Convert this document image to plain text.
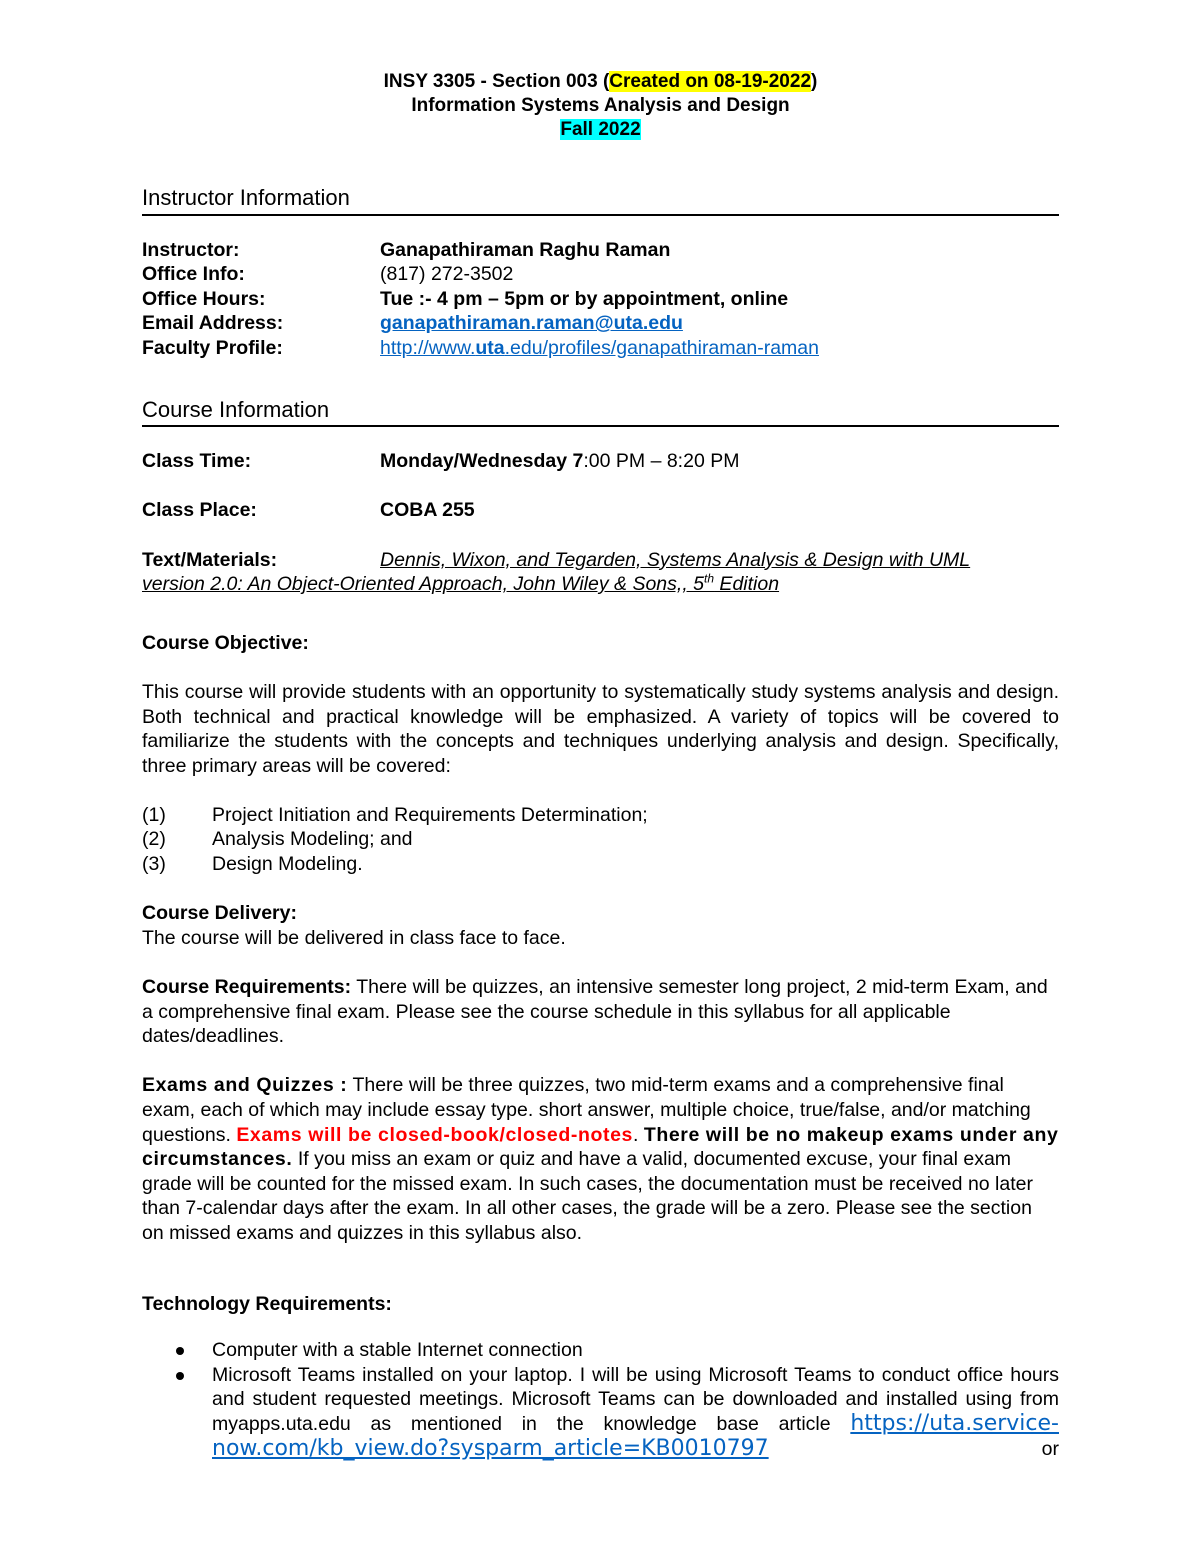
INSY 3305 - Section 003 (Created on 08-19-2022)
Information Systems Analysis and Design
Fall 2022
Instructor Information
Instructor:	Ganapathiraman Raghu Raman
Office Info:	(817) 272-3502
Office Hours:	Tue :- 4 pm – 5pm or by appointment, online
Email Address:	ganapathiraman.raman@uta.edu
Faculty Profile:	http://www.uta.edu/profiles/ganapathiraman-raman
Course Information
Class Time:	Monday/Wednesday 7:00 PM – 8:20 PM
Class Place:	COBA 255
Text/Materials:	Dennis, Wixon, and Tegarden, Systems Analysis & Design with UML
version 2.0: An Object-Oriented Approach, John Wiley & Sons,, 5th Edition
Course Objective:
This course will provide students with an opportunity to systematically study systems analysis and design. Both technical and practical knowledge will be emphasized. A variety of topics will be covered to familiarize the students with the concepts and techniques underlying analysis and design. Specifically, three primary areas will be covered:
(1)	Project Initiation and Requirements Determination;
(2)	Analysis Modeling; and
(3)	Design Modeling.
Course Delivery:
The course will be delivered in class face to face.
Course Requirements: There will be quizzes, an intensive semester long project, 2 mid-term Exam, and a comprehensive final exam. Please see the course schedule in this syllabus for all applicable dates/deadlines.
Exams and Quizzes : There will be three quizzes, two mid-term exams and a comprehensive final exam, each of which may include essay type. short answer, multiple choice, true/false, and/or matching questions. Exams will be closed-book/closed-notes. There will be no makeup exams under any circumstances. If you miss an exam or quiz and have a valid, documented excuse, your final exam grade will be counted for the missed exam. In such cases, the documentation must be received no later than 7-calendar days after the exam. In all other cases, the grade will be a zero. Please see the section on missed exams and quizzes in this syllabus also.
Technology Requirements:
Computer with a stable Internet connection
Microsoft Teams installed on your laptop. I will be using Microsoft Teams to conduct office hours and student requested meetings. Microsoft Teams can be downloaded and installed using from myapps.uta.edu as mentioned in the knowledge base article https://uta.service-now.com/kb_view.do?sysparm_article=KB0010797	or
